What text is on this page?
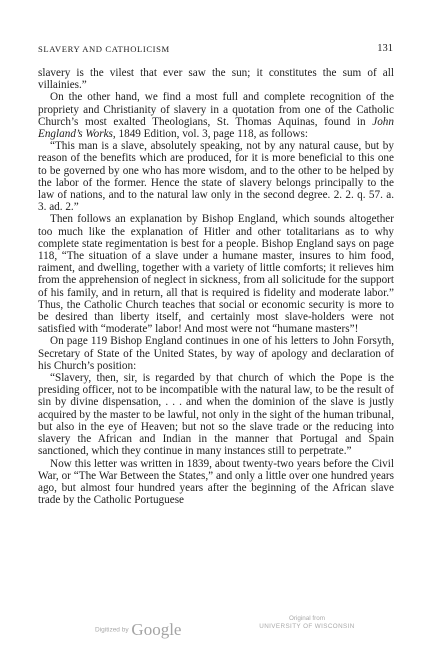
SLAVERY AND CATHOLICISM	131

slavery is the vilest that ever saw the sun; it constitutes the sum of all villainies.”

On the other hand, we find a most full and complete recognition of the propriety and Christianity of slavery in a quotation from one of the Catholic Church’s most exalted Theologians, St. Thomas Aquinas, found in John England’s Works, 1849 Edition, vol. 3, page 118, as follows:

“This man is a slave, absolutely speaking, not by any natural cause, but by reason of the benefits which are produced, for it is more beneficial to this one to be governed by one who has more wisdom, and to the other to be helped by the labor of the former. Hence the state of slavery belongs principally to the law of nations, and to the natural law only in the second degree. 2. 2. q. 57. a. 3. ad. 2.”

Then follows an explanation by Bishop England, which sounds altogether too much like the explanation of Hitler and other totalitarians as to why complete state regimentation is best for a people. Bishop England says on page 118, “The situation of a slave under a humane master, insures to him food, raiment, and dwelling, together with a variety of little comforts; it relieves him from the apprehension of neglect in sickness, from all solicitude for the support of his family, and in return, all that is required is fidelity and moderate labor.” Thus, the Catholic Church teaches that social or economic security is more to be desired than liberty itself, and certainly most slave-holders were not satisfied with “moderate” labor! And most were not “humane masters”!

On page 119 Bishop England continues in one of his letters to John Forsyth, Secretary of State of the United States, by way of apology and declaration of his Church’s position:

“Slavery, then, sir, is regarded by that church of which the Pope is the presiding officer, not to be incompatible with the natural law, to be the result of sin by divine dispensation, . . . and when the dominion of the slave is justly acquired by the master to be lawful, not only in the sight of the human tribunal, but also in the eye of Heaven; but not so the slave trade or the reducing into slavery the African and Indian in the manner that Portugal and Spain sanctioned, which they continue in many instances still to perpetrate.”

Now this letter was written in 1839, about twenty-two years before the Civil War, or “The War Between the States,” and only a little over one hundred years ago, but almost four hundred years after the beginning of the African slave trade by the Catholic Portuguese

Digitized by Google
Original from
UNIVERSITY OF WISCONSIN
